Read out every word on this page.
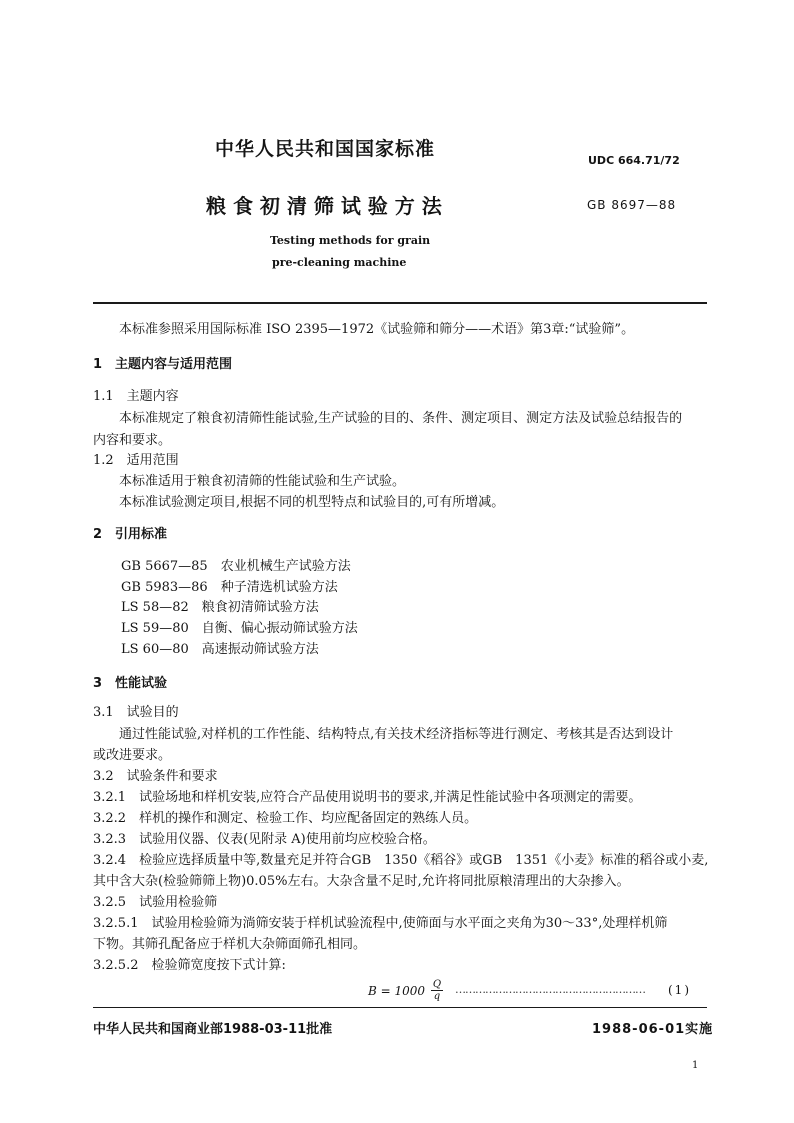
中华人民共和国国家标准
UDC 664.71/72
粮 食 初 清 筛 试 验 方 法	GB 8697—88
Testing methods for grain
pre-cleaning machine
本标准参照采用国际标准 ISO 2395—1972《试验筛和筛分——术语》第3章:“试验筛”。
1　主题内容与适用范围
1.1　主题内容
本标准规定了粮食初清筛性能试验,生产试验的目的、条件、测定项目、测定方法及试验总结报告的
内容和要求。
1.2　适用范围
本标准适用于粮食初清筛的性能试验和生产试验。
本标准试验测定项目,根据不同的机型特点和试验目的,可有所增减。
2　引用标准
GB 5667—85　农业机械生产试验方法
GB 5983—86　种子清选机试验方法
LS 58—82　粮食初清筛试验方法
LS 59—80　自衡、偏心振动筛试验方法
LS 60—80　高速振动筛试验方法
3　性能试验
3.1　试验目的
通过性能试验,对样机的工作性能、结构特点,有关技术经济指标等进行测定、考核其是否达到设计
或改进要求。
3.2　试验条件和要求
3.2.1　试验场地和样机安装,应符合产品使用说明书的要求,并满足性能试验中各项测定的需要。
3.2.2　样机的操作和测定、检验工作、均应配备固定的熟练人员。
3.2.3　试验用仪器、仪表(见附录 A)使用前均应校验合格。
3.2.4　检验应选择质量中等,数量充足并符合GB　1350《稻谷》或GB　1351《小麦》标准的稻谷或小麦,
其中含大杂(检验筛筛上物)0.05%左右。大杂含量不足时,允许将同批原粮清理出的大杂掺入。
3.2.5　试验用检验筛
3.2.5.1　试验用检验筛为淌筛安装于样机试验流程中,使筛面与水平面之夹角为30～33°,处理样机筛
下物。其筛孔配备应于样机大杂筛面筛孔相同。
3.2.5.2　检验筛宽度按下式计算:
$B = 1000 \frac{Q}{q}$ …………………………………………………	(1)
中华人民共和国商业部1988-03-11批准	1988-06-01实施
1
